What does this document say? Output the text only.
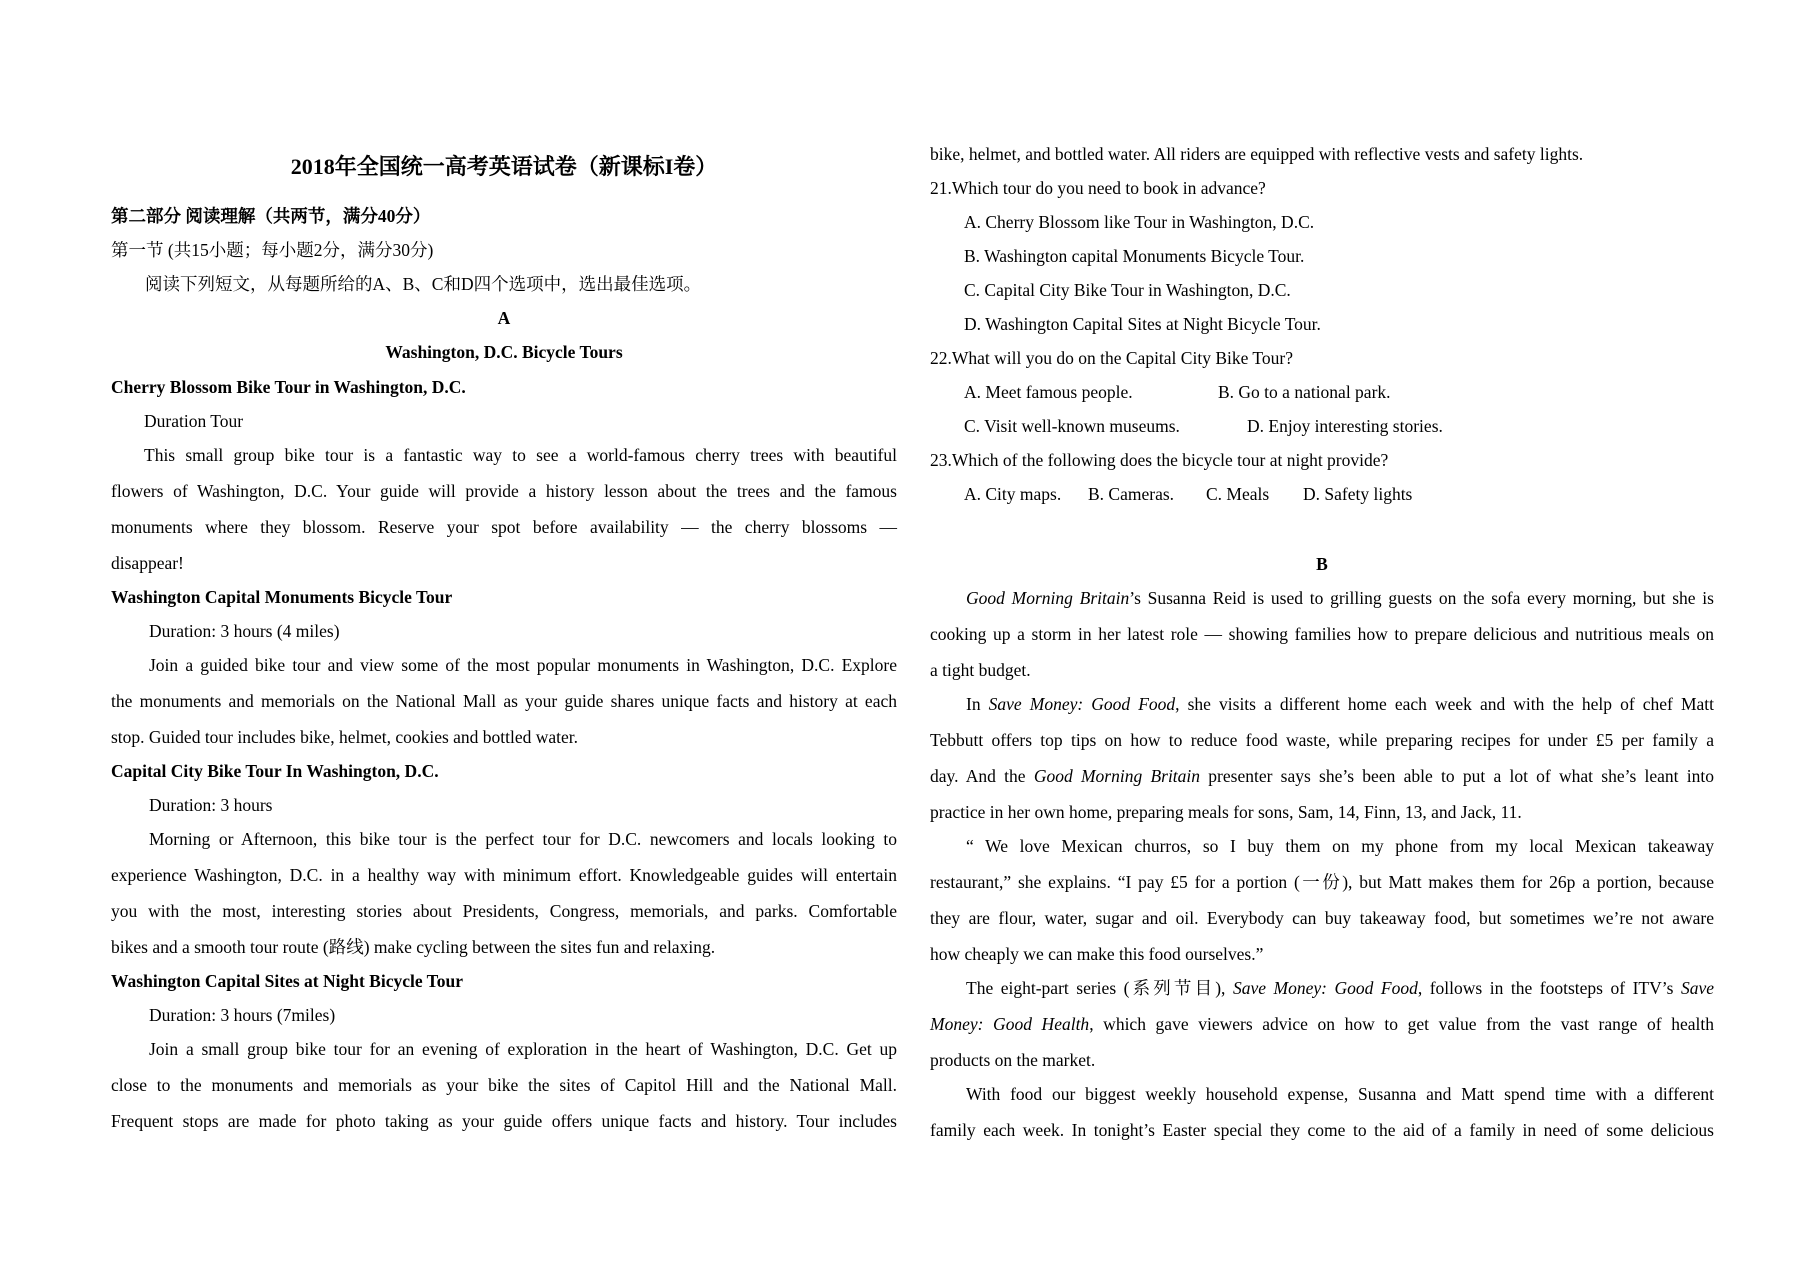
2018年全国统一高考英语试卷（新课标I卷）
第二部分 阅读理解（共两节，满分40分）
第一节 (共15小题；每小题2分，满分30分)
阅读下列短文，从每题所给的A、B、C和D四个选项中，选出最佳选项。
A
Washington, D.C. Bicycle Tours
Cherry Blossom Bike Tour in Washington, D.C.
Duration Tour
This small group bike tour is a fantastic way to see a world-famous cherry trees with beautiful
flowers of Washington, D.C. Your guide will provide a history lesson about the trees and the famous
monuments where they blossom. Reserve your spot before availability — the cherry blossoms —
disappear!
Washington Capital Monuments Bicycle Tour
Duration: 3 hours (4 miles)
Join a guided bike tour and view some of the most popular monuments in Washington, D.C. Explore
the monuments and memorials on the National Mall as your guide shares unique facts and history at each
stop. Guided tour includes bike, helmet, cookies and bottled water.
Capital City Bike Tour In Washington, D.C.
Duration: 3 hours
Morning or Afternoon, this bike tour is the perfect tour for D.C. newcomers and locals looking to
experience Washington, D.C. in a healthy way with minimum effort. Knowledgeable guides will entertain
you with the most, interesting stories about Presidents, Congress, memorials, and parks. Comfortable
bikes and a smooth tour route (路线) make cycling between the sites fun and relaxing.
Washington Capital Sites at Night Bicycle Tour
Duration: 3 hours (7miles)
Join a small group bike tour for an evening of exploration in the heart of Washington, D.C. Get up
close to the monuments and memorials as your bike the sites of Capitol Hill and the National Mall.
Frequent stops are made for photo taking as your guide offers unique facts and history. Tour includes
bike, helmet, and bottled water. All riders are equipped with reflective vests and safety lights.
21.Which tour do you need to book in advance?
A. Cherry Blossom like Tour in Washington, D.C.
B. Washington capital Monuments Bicycle Tour.
C. Capital City Bike Tour in Washington, D.C.
D. Washington Capital Sites at Night Bicycle Tour.
22.What will you do on the Capital City Bike Tour?
A. Meet famous people.	B. Go to a national park.
C. Visit well-known museums.	D. Enjoy interesting stories.
23.Which of the following does the bicycle tour at night provide?
A. City maps. B. Cameras. C. Meals D. Safety lights
B
Good Morning Britain’s Susanna Reid is used to grilling guests on the sofa every morning, but she is
cooking up a storm in her latest role — showing families how to prepare delicious and nutritious meals on
a tight budget.
In Save Money: Good Food, she visits a different home each week and with the help of chef Matt
Tebbutt offers top tips on how to reduce food waste, while preparing recipes for under £5 per family a
day. And the Good Morning Britain presenter says she’s been able to put a lot of what she’s leant into
practice in her own home, preparing meals for sons, Sam, 14, Finn, 13, and Jack, 11.
“ We love Mexican churros, so I buy them on my phone from my local Mexican takeaway
restaurant,” she explains. “I pay £5 for a portion (一份), but Matt makes them for 26p a portion, because
they are flour, water, sugar and oil. Everybody can buy takeaway food, but sometimes we’re not aware
how cheaply we can make this food ourselves.”
The eight-part series (系列节目), Save Money: Good Food, follows in the footsteps of ITV’s Save
Money: Good Health, which gave viewers advice on how to get value from the vast range of health
products on the market.
With food our biggest weekly household expense, Susanna and Matt spend time with a different
family each week. In tonight’s Easter special they come to the aid of a family in need of some delicious
